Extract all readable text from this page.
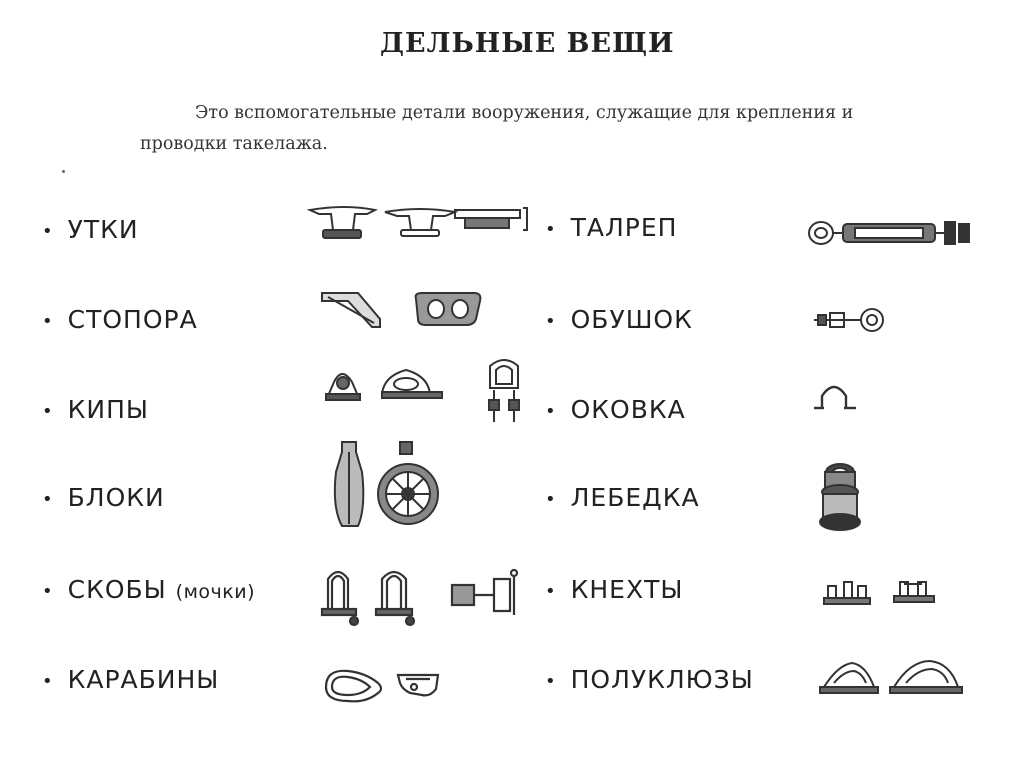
ДЕЛЬНЫЕ ВЕЩИ
Это вспомогательные детали вооружения, служащие для крепления и проводки такелажа.
• УТКИ
• СТОПОРА
• КИПЫ
• БЛОКИ
• СКОБЫ (мочки)
• КАРАБИНЫ
• ТАЛРЕП
• ОБУШОК
• ОКОВКА
• ЛЕБЕДКА
• КНЕХТЫ
• ПОЛУКЛЮЗЫ
